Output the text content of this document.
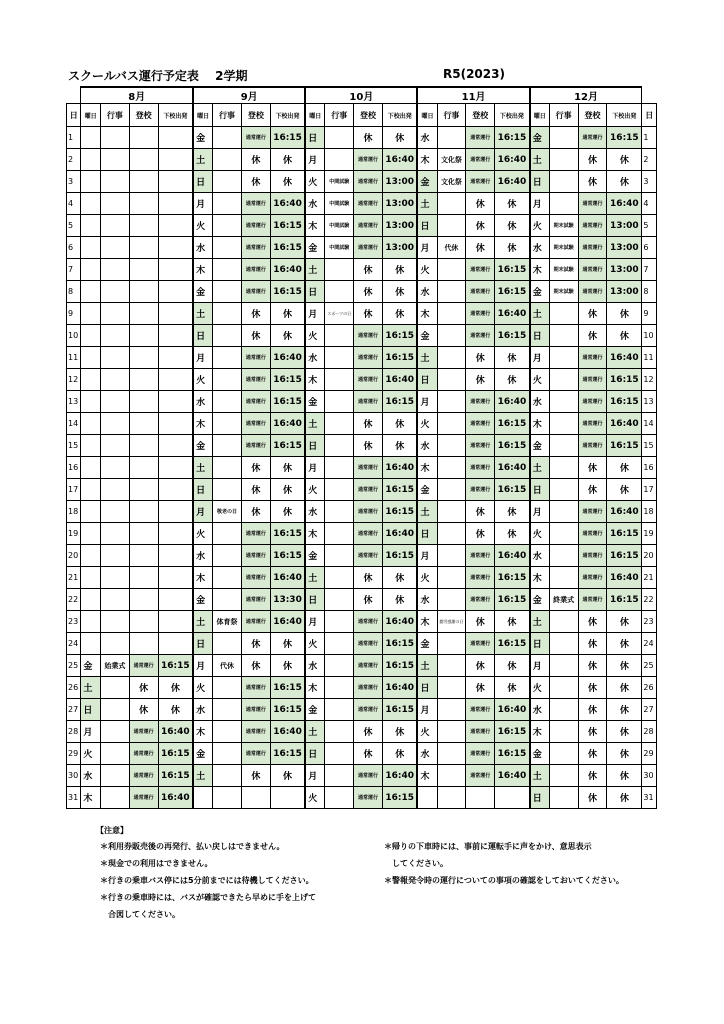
スクールバス運行予定表　 2学期	R5(2023)
	8月				9月				10月				11月				12月				
日	曜日	行事	登校	下校出発	曜日	行事	登校	下校出発	曜日	行事	登校	下校出発	曜日	行事	登校	下校出発	曜日	行事	登校	下校出発	日
1					金		通常運行	16:15	日		休	休	水		通常運行	16:15	金		通常運行	16:15	1
2					土		休	休	月		通常運行	16:40	木	文化祭	通常運行	16:40	土		休	休	2
3					日		休	休	火	中間試験	通常運行	13:00	金	文化祭	通常運行	16:40	日		休	休	3
4					月		通常運行	16:40	水	中間試験	通常運行	13:00	土		休	休	月		通常運行	16:40	4
5					火		通常運行	16:15	木	中間試験	通常運行	13:00	日		休	休	火	期末試験	通常運行	13:00	5
6					水		通常運行	16:15	金	中間試験	通常運行	13:00	月	代休	休	休	水	期末試験	通常運行	13:00	6
7					木		通常運行	16:40	土		休	休	火		通常運行	16:15	木	期末試験	通常運行	13:00	7
8					金		通常運行	16:15	日		休	休	水		通常運行	16:15	金	期末試験	通常運行	13:00	8
9					土		休	休	月	スポーツの日	休	休	木		通常運行	16:40	土		休	休	9
10					日		休	休	火		通常運行	16:15	金		通常運行	16:15	日		休	休	10
11					月		通常運行	16:40	水		通常運行	16:15	土		休	休	月		通常運行	16:40	11
12					火		通常運行	16:15	木		通常運行	16:40	日		休	休	火		通常運行	16:15	12
13					水		通常運行	16:15	金		通常運行	16:15	月		通常運行	16:40	水		通常運行	16:15	13
14					木		通常運行	16:40	土		休	休	火		通常運行	16:15	木		通常運行	16:40	14
15					金		通常運行	16:15	日		休	休	水		通常運行	16:15	金		通常運行	16:15	15
16					土		休	休	月		通常運行	16:40	木		通常運行	16:40	土		休	休	16
17					日		休	休	火		通常運行	16:15	金		通常運行	16:15	日		休	休	17
18					月	敬老の日	休	休	水		通常運行	16:15	土		休	休	月		通常運行	16:40	18
19					火		通常運行	16:15	木		通常運行	16:40	日		休	休	火		通常運行	16:15	19
20					水		通常運行	16:15	金		通常運行	16:15	月		通常運行	16:40	水		通常運行	16:15	20
21					木		通常運行	16:40	土		休	休	火		通常運行	16:15	木		通常運行	16:40	21
22					金		通常運行	13:30	日		休	休	水		通常運行	16:15	金	終業式	通常運行	16:15	22
23					土	体育祭	通常運行	16:40	月		通常運行	16:40	木	勤労感謝の日	休	休	土		休	休	23
24					日		休	休	火		通常運行	16:15	金		通常運行	16:15	日		休	休	24
25	金	始業式	通常運行	16:15	月	代休	休	休	水		通常運行	16:15	土		休	休	月		休	休	25
26	土		休	休	火		通常運行	16:15	木		通常運行	16:40	日		休	休	火		休	休	26
27	日		休	休	水		通常運行	16:15	金		通常運行	16:15	月		通常運行	16:40	水		休	休	27
28	月		通常運行	16:40	木		通常運行	16:40	土		休	休	火		通常運行	16:15	木		休	休	28
29	火		通常運行	16:15	金		通常運行	16:15	日		休	休	水		通常運行	16:15	金		休	休	29
30	水		通常運行	16:15	土		休	休	月		通常運行	16:40	木		通常運行	16:40	土		休	休	30
31	木		通常運行	16:40					火		通常運行	16:15					日		休	休	31
【注意】
＊利用券販売後の再発行、払い戻しはできません。
＊現金での利用はできません。
＊行きの乗車バス停には5分前までには待機してください。
＊行きの乗車時には、バスが確認できたら早めに手を上げて
　合図してください。
＊帰りの下車時には、事前に運転手に声をかけ、意思表示
　してください。
＊警報発令時の運行についての事項の確認をしておいてください。
